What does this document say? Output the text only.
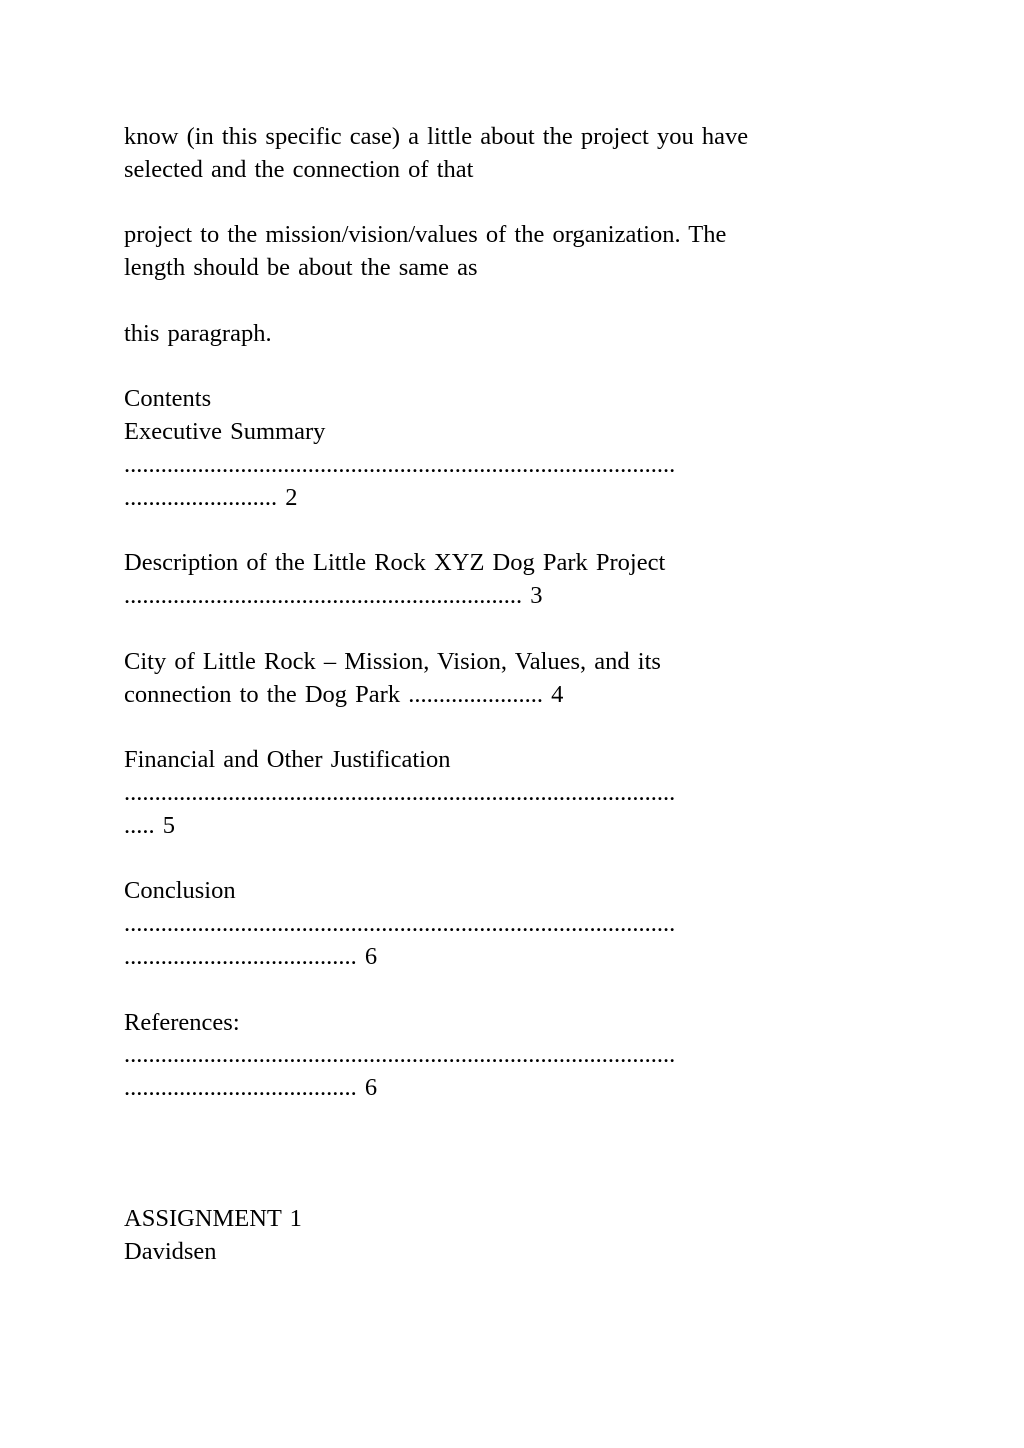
know (in this specific case) a little about the project you have
selected and the connection of that
project to the mission/vision/values of the organization. The
length should be about the same as
this paragraph.
Contents
Executive Summary
..........................................................................................
......................... 2
Description of the Little Rock XYZ Dog Park Project
................................................................. 3
City of Little Rock – Mission, Vision, Values, and its
connection to the Dog Park ...................... 4
Financial and Other Justification
..........................................................................................
..... 5
Conclusion
..........................................................................................
...................................... 6
References:
..........................................................................................
...................................... 6
ASSIGNMENT 1
Davidsen
